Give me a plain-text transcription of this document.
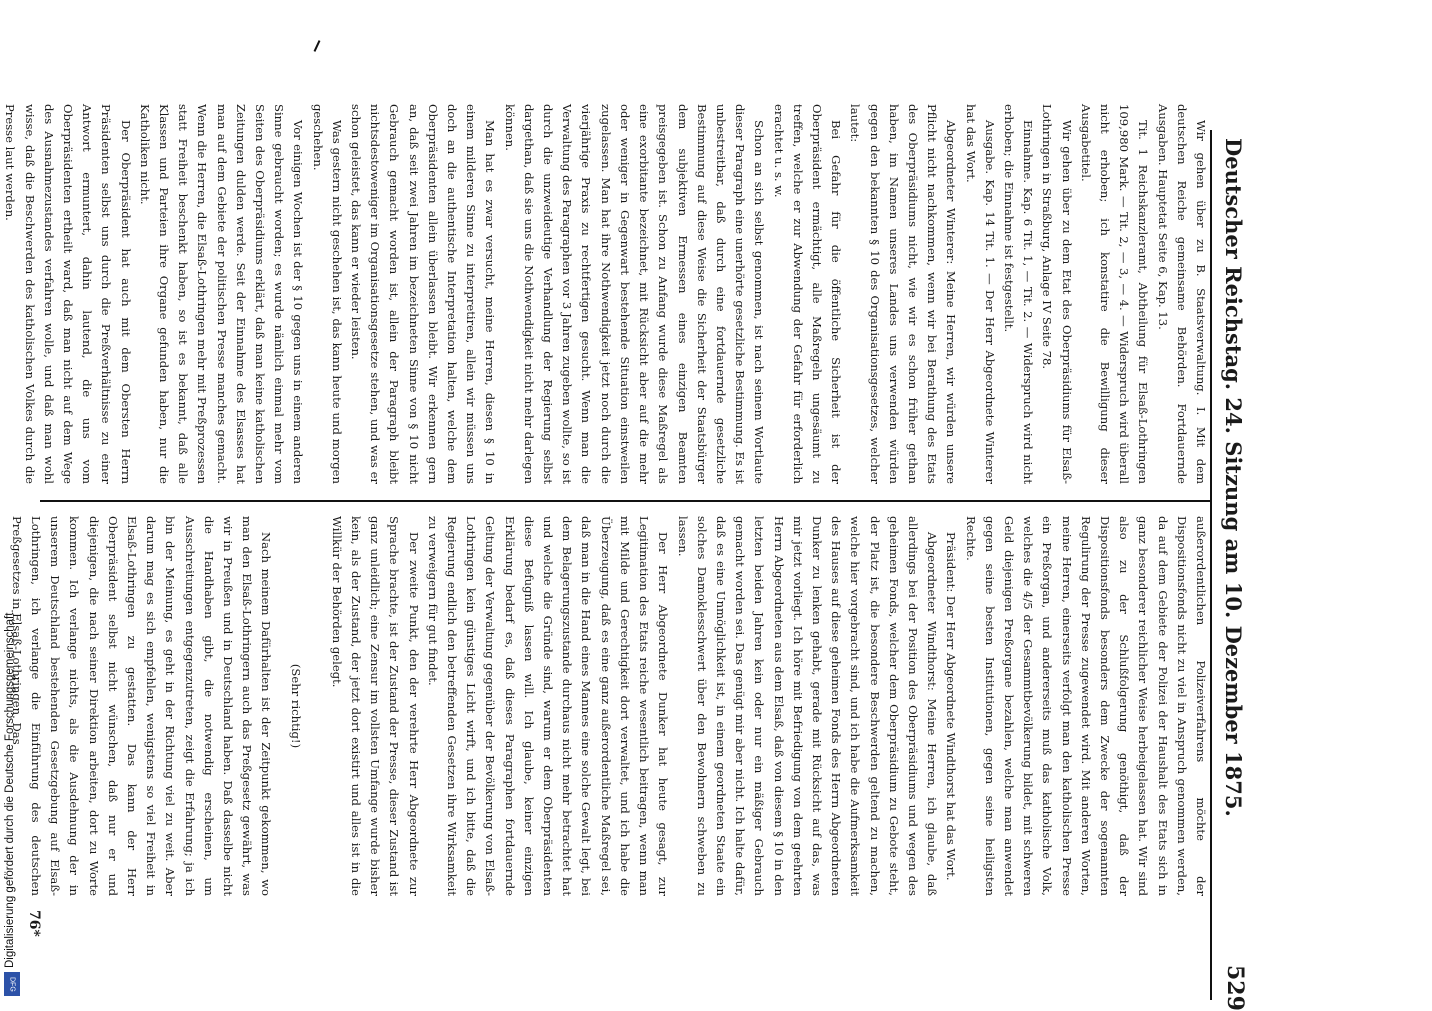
Deutscher Reichstag. 24. Sitzung am 10. Dezember 1875.
529

Wir gehen über zu B. Staatsverwaltung. I. Mit dem deutschen Reiche gemeinsame Behörden. Fortdauernde Ausgaben. Hauptetat Seite 6, Kap. 13.

Tit. 1 Reichskanzleramt, Abtheilung für Elsaß-Lothringen 109,980 Mark. — Tit. 2, — 3, — 4. — Widerspruch wird überall nicht erhoben; ich konstatire die Bewilligung dieser Ausgabetitel.

Wir gehen über zu dem Etat des Oberpräsidiums für Elsaß-Lothringen in Straßburg, Anlage IV Seite 78.

Einnahme. Kap. 6 Tit. 1, — Tit. 2. — Widerspruch wird nicht erhoben; die Einnahme ist festgestellt.

Ausgabe. Kap. 14 Tit. 1. — Der Herr Abgeordnete Winterer hat das Wort.

Abgeordneter Winterer: Meine Herren, wir würden unsere Pflicht nicht nachkommen, wenn wir bei Berathung des Etats des Oberpräsidiums nicht, wie wir es schon früher gethan haben, im Namen unseres Landes uns verwenden würden gegen den bekannten § 10 des Organisationsgesetzes, welcher lautet:

Bei Gefahr für die öffentliche Sicherheit ist der Oberpräsident ermächtigt, alle Maßregeln ungesäumt zu treffen, welche er zur Abwendung der Gefahr für erforderlich erachtet u. s. w.

Schon an sich selbst genommen, ist nach seinem Wortlaute dieser Paragraph eine unerhörte gesetzliche Bestimmung. Es ist unbestreitbar, daß durch eine fortdauernde gesetzliche Bestimmung auf diese Weise die Sicherheit der Staatsbürger dem subjektiven Ermessen eines einzigen Beamten preisgegeben ist. Schon zu Anfang wurde diese Maßregel als eine exorbitante bezeichnet, mit Rücksicht aber auf die mehr oder weniger in Gegenwart bestehende Situation einstweilen zugelassen. Man hat ihre Nothwendigkeit jetzt noch durch die vierjährige Praxis zu rechtfertigen gesucht. Wenn man die Verwaltung des Paragraphen vor 3 Jahren zugeben wollte, so ist durch die unzweideutige Verhandlung der Regierung selbst dargethan, daß sie uns die Nothwendigkeit nicht mehr darlegen können.

Man hat es zwar versucht, meine Herren, diesen § 10 in einem milderen Sinne zu interpretiren, allein wir müssen uns doch an die authentische Interpretation halten, welche dem Oberpräsidenten allein überlassen bleibt. Wir erkennen gern an, daß seit zwei Jahren im bezeichneten Sinne von § 10 nicht Gebrauch gemacht worden ist, allein der Paragraph bleibt nichtsdestoweniger im Organisationsgesetze stehen, und was er schon geleistet, das kann er wieder leisten.

Was gestern nicht geschehen ist, das kann heute und morgen geschehen.

Vor einigen Wochen ist der § 10 gegen uns in einem anderen Sinne gebraucht worden; es wurde nämlich einmal mehr vom Seiten des Oberpräsidiums erklärt, daß man keine katholischen Zeitungen dulden werde. Seit der Einnahme des Elsasses hat man auf dem Gebiete der politischen Presse manches gemacht. Wenn die Herren, die Elsaß-Lothringen mehr mit Preßprozessen statt Freiheit beschenkt haben, so ist es bekannt, daß alle Klassen und Parteien ihre Organe gefunden haben, nur die Katholiken nicht.

Der Oberpräsident hat auch mit dem Obersten Herrn Präsidenten selbst uns durch die Preßverhältnisse zu einer Antwort ermuntert, dahin lautend, die uns vom Oberpräsidenten ertheilt ward, daß man nicht auf dem Wege des Ausnahmezustandes verfahren wolle, und daß man wohl wisse, daß die Beschwerden des katholischen Volkes durch die Presse laut werden.

außerordentlichen Polizeiverfahrens möchte der Dispositionsfonds nicht zu viel in Anspruch genommen werden, da auf dem Gebiete der Polizei der Haushalt des Etats sich in ganz besonderer reichlicher Weise herbeigelassen hat. Wir sind also zu der Schlußfolgerung genöthigt, daß der Dispositionsfonds besonders dem Zwecke der sogenannten Regulirung der Presse zugewendet wird. Mit anderen Worten, meine Herren, einerseits verfolgt man den katholischen Presse ein Preßorgan, und andererseits muß das katholische Volk, welches die 4/5 der Gesammtbevölkerung bildet, mit schweren Geld diejenigen Preßorgane bezahlen, welche man anwendet gegen seine besten Institutionen, gegen seine heiligsten Rechte.

Präsident: Der Herr Abgeordnete Windthorst hat das Wort.

Abgeordneter Windthorst: Meine Herren, ich glaube, daß allerdings bei der Position des Oberpräsidiums und wegen des geheimen Fonds, welcher dem Oberpräsidium zu Gebote steht, der Platz ist, die besondere Beschwerden geltend zu machen, welche hier vorgebracht sind, und ich habe die Aufmerksamkeit des Hauses auf diese geheimen Fonds des Herrn Abgeordneten Dunker zu lenken gehabt, gerade mit Rücksicht auf das, was mir jetzt vorliegt. Ich höre mit Befriedigung von dem geehrten Herrn Abgeordneten aus dem Elsaß, daß von diesem § 10 in den letzten beiden Jahren kein oder nur ein mäßiger Gebrauch gemacht worden sei. Das genügt mir aber nicht. Ich halte dafür, daß es eine Unmöglichkeit ist, in einem geordneten Staate ein solches Damoklesschwert über den Bewohnern schweben zu lassen.

Der Herr Abgeordnete Dunker hat heute gesagt, zur Legitimation des Etats reiche wesentlich beitragen, wenn man mit Milde und Gerechtigkeit dort verwaltet, und ich habe die Überzeugung, daß es eine ganz außerordentliche Maßregel sei, daß man in die Hand eines Mannes eine solche Gewalt legt, bei dem Belagerungszustande durchaus nicht mehr betrachtet hat und welche die Gründe sind, warum er dem Oberpräsidenten diese Befugniß lassen will. Ich glaube, keiner einzigen Erklärung bedarf es, daß dieses Paragraphen fortdauernde Geltung der Verwaltung gegenüber der Bevölkerung von Elsaß-Lothringen kein günstiges Licht wirft, und ich bitte, daß die Regierung endlich den betreffenden Gesetzen ihre Wirksamkeit zu verweigern für gut findet.

Der zweite Punkt, den der verehrte Herr Abgeordnete zur Sprache brachte, ist der Zustand der Presse, dieser Zustand ist ganz unleidlich; eine Zensur im vollsten Umfange wurde bisher kein, als der Zustand, der jetzt dort existirt und alles ist in die Willkür der Behörden gelegt.

(Sehr richtig!)

Nach meinem Dafürhalten ist der Zeitpunkt gekommen, wo man den Elsaß-Lothringern auch das Preßgesetz gewährt, was wir in Preußen und in Deutschland haben. Daß dasselbe nicht die Handhaben gibt, die notwendig erscheinen, um Ausschreitungen entgegenzutreten, zeigt die Erfahrung; ja ich bin der Meinung, es geht in der Richtung viel zu weit. Aber darum mag es sich empfehlen, wenigstens so viel Freiheit in Elsaß-Lothringen zu gestatten. Das kann der Herr Oberpräsident selbst nicht wünschen, daß nur er und diejenigen, die nach seiner Direktion arbeiten, dort zu Worte kommen. Ich verlange nichts, als die Ausdehnung der in unserem Deutschland bestehenden Gesetzgebung auf Elsaß-Lothringen, ich verlange die Einführung des deutschen Preßgesetzes in Elsaß-Lothringen. Das

76*
Digitalisierung gefördert durch die Deutsche Forschungsgemeinschaft.
DFG
